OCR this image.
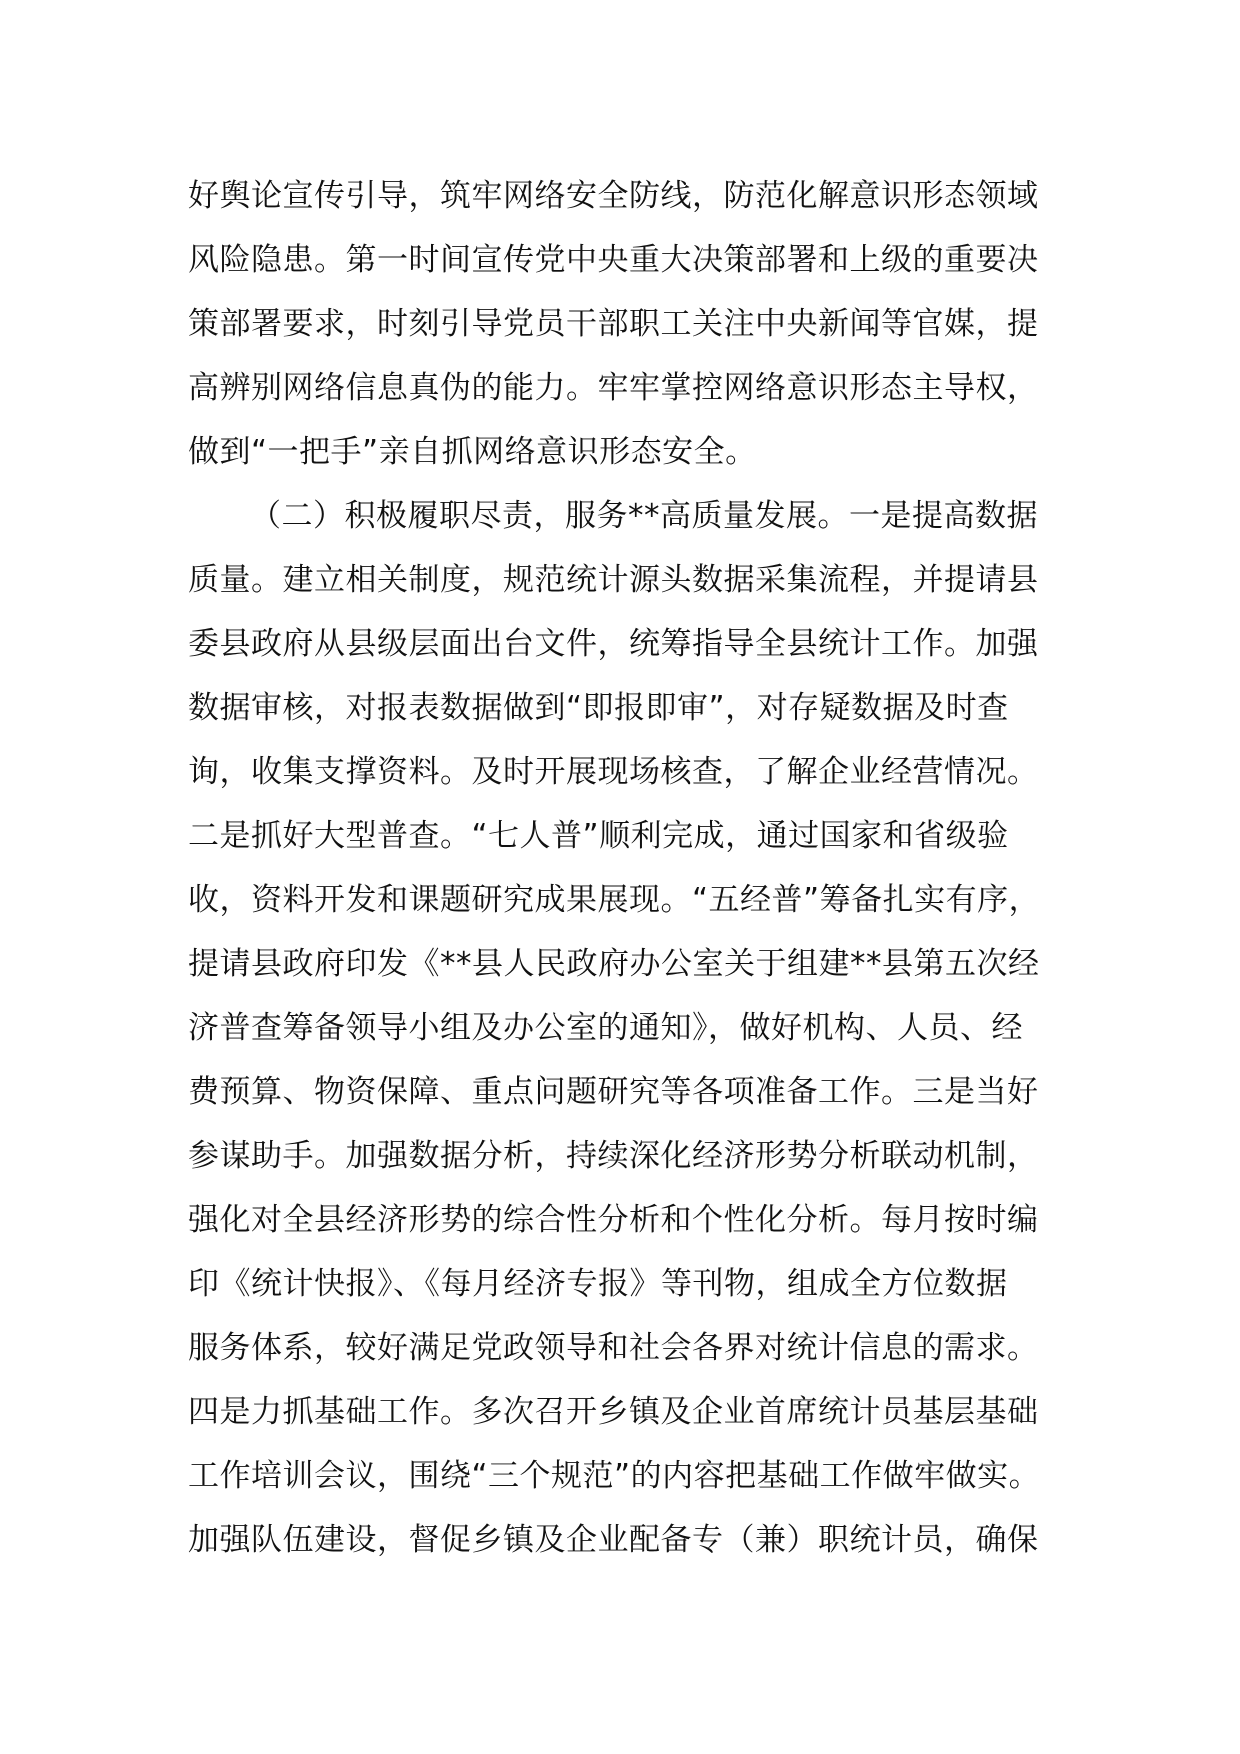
好舆论宣传引导，筑牢网络安全防线，防范化解意识形态领域
风险隐患。第一时间宣传党中央重大决策部署和上级的重要决
策部署要求，时刻引导党员干部职工关注中央新闻等官媒，提
高辨别网络信息真伪的能力。牢牢掌控网络意识形态主导权，
做到“一把手”亲自抓网络意识形态安全。
（二）积极履职尽责，服务**高质量发展。一是提高数据
质量。建立相关制度，规范统计源头数据采集流程，并提请县
委县政府从县级层面出台文件，统筹指导全县统计工作。加强
数据审核，对报表数据做到“即报即审”，对存疑数据及时查
询，收集支撑资料。及时开展现场核查，了解企业经营情况。
二是抓好大型普查。“七人普”顺利完成，通过国家和省级验
收，资料开发和课题研究成果展现。“五经普”筹备扎实有序，
提请县政府印发《**县人民政府办公室关于组建**县第五次经
济普查筹备领导小组及办公室的通知》，做好机构、人员、经
费预算、物资保障、重点问题研究等各项准备工作。三是当好
参谋助手。加强数据分析，持续深化经济形势分析联动机制，
强化对全县经济形势的综合性分析和个性化分析。每月按时编
印《统计快报》、《每月经济专报》等刊物，组成全方位数据
服务体系，较好满足党政领导和社会各界对统计信息的需求。
四是力抓基础工作。多次召开乡镇及企业首席统计员基层基础
工作培训会议，围绕“三个规范”的内容把基础工作做牢做实。
加强队伍建设，督促乡镇及企业配备专（兼）职统计员，确保
